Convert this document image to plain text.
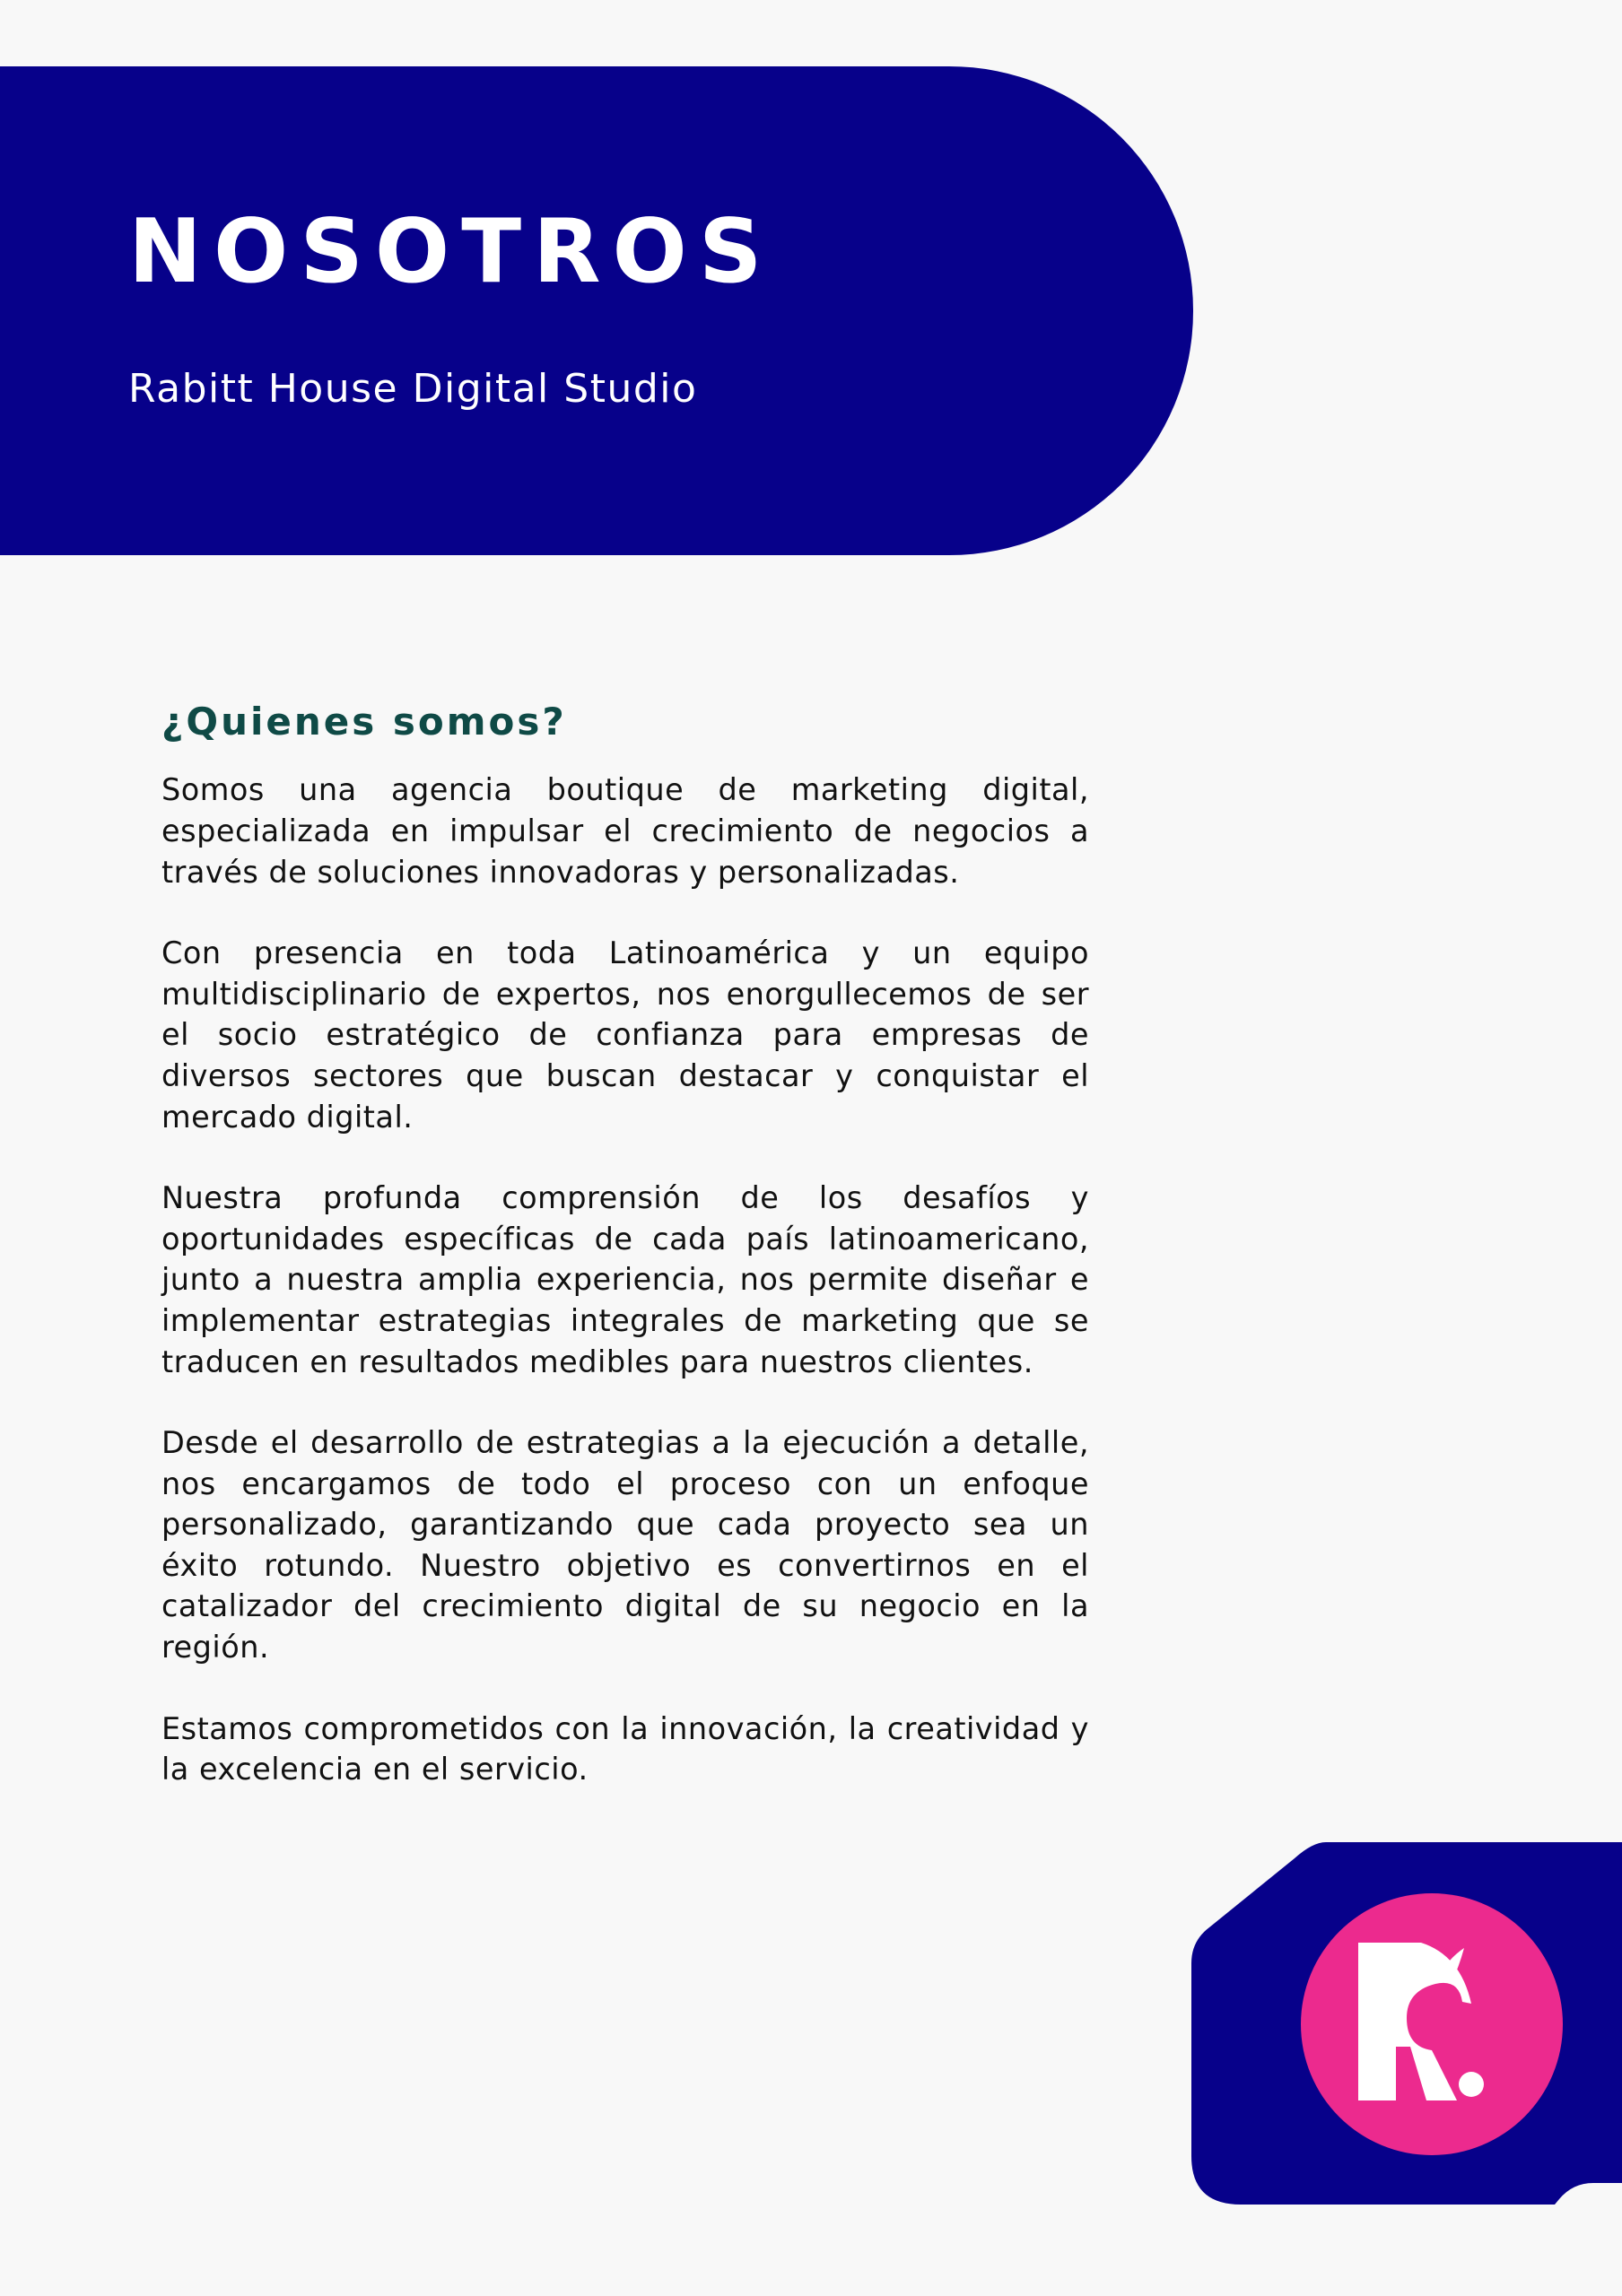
NOSOTROS

Rabitt House Digital Studio

¿Quienes somos?

Somos una agencia boutique de marketing digital, especializada en impulsar el crecimiento de negocios a través de soluciones innovadoras y personalizadas.

Con presencia en toda Latinoamérica y un equipo multidisciplinario de expertos, nos enorgullecemos de ser el socio estratégico de confianza para empresas de diversos sectores que buscan destacar y conquistar el mercado digital.

Nuestra profunda comprensión de los desafíos y oportunidades específicas de cada país latinoamericano, junto a nuestra amplia experiencia, nos permite diseñar e implementar estrategias integrales de marketing que se traducen en resultados medibles para nuestros clientes.

Desde el desarrollo de estrategias a la ejecución a detalle, nos encargamos de todo el proceso con un enfoque personalizado, garantizando que cada proyecto sea un éxito rotundo. Nuestro objetivo es convertirnos en el catalizador del crecimiento digital de su negocio en la región.

Estamos comprometidos con la innovación, la creatividad y la excelencia en el servicio.
